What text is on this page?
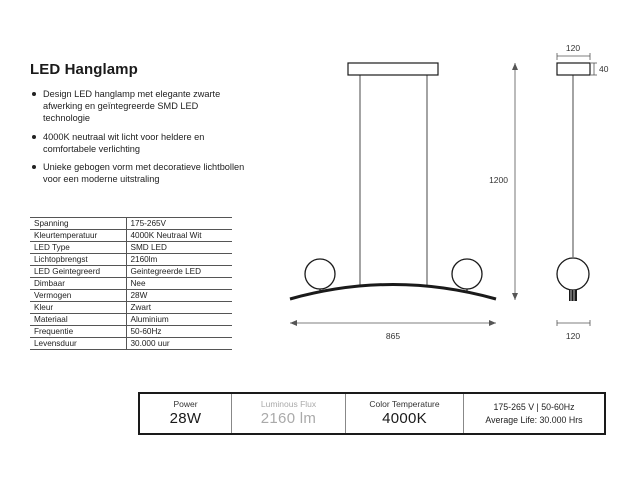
LED Hanglamp
Design LED hanglamp met elegante zwarte afwerking en geïntegreerde SMD LED technologie
4000K neutraal wit licht voor heldere en comfortabele verlichting
Unieke gebogen vorm met decoratieve lichtbollen voor een moderne uitstraling
Spanning	175-265V
Kleurtemperatuur	4000K Neutraal Wit
LED Type	SMD LED
Lichtopbrengst	2160lm
LED Geintegreerd	Geintegreerde LED
Dimbaar	Nee
Vermogen	28W
Kleur	Zwart
Materiaal	Aluminium
Frequentie	50-60Hz
Levensduur	30.000 uur
1200
865
120
40
120
Power
28W
Luminous Flux
2160 lm
Color Temperature
4000K
175-265 V | 50-60Hz
Average Life: 30.000 Hrs
